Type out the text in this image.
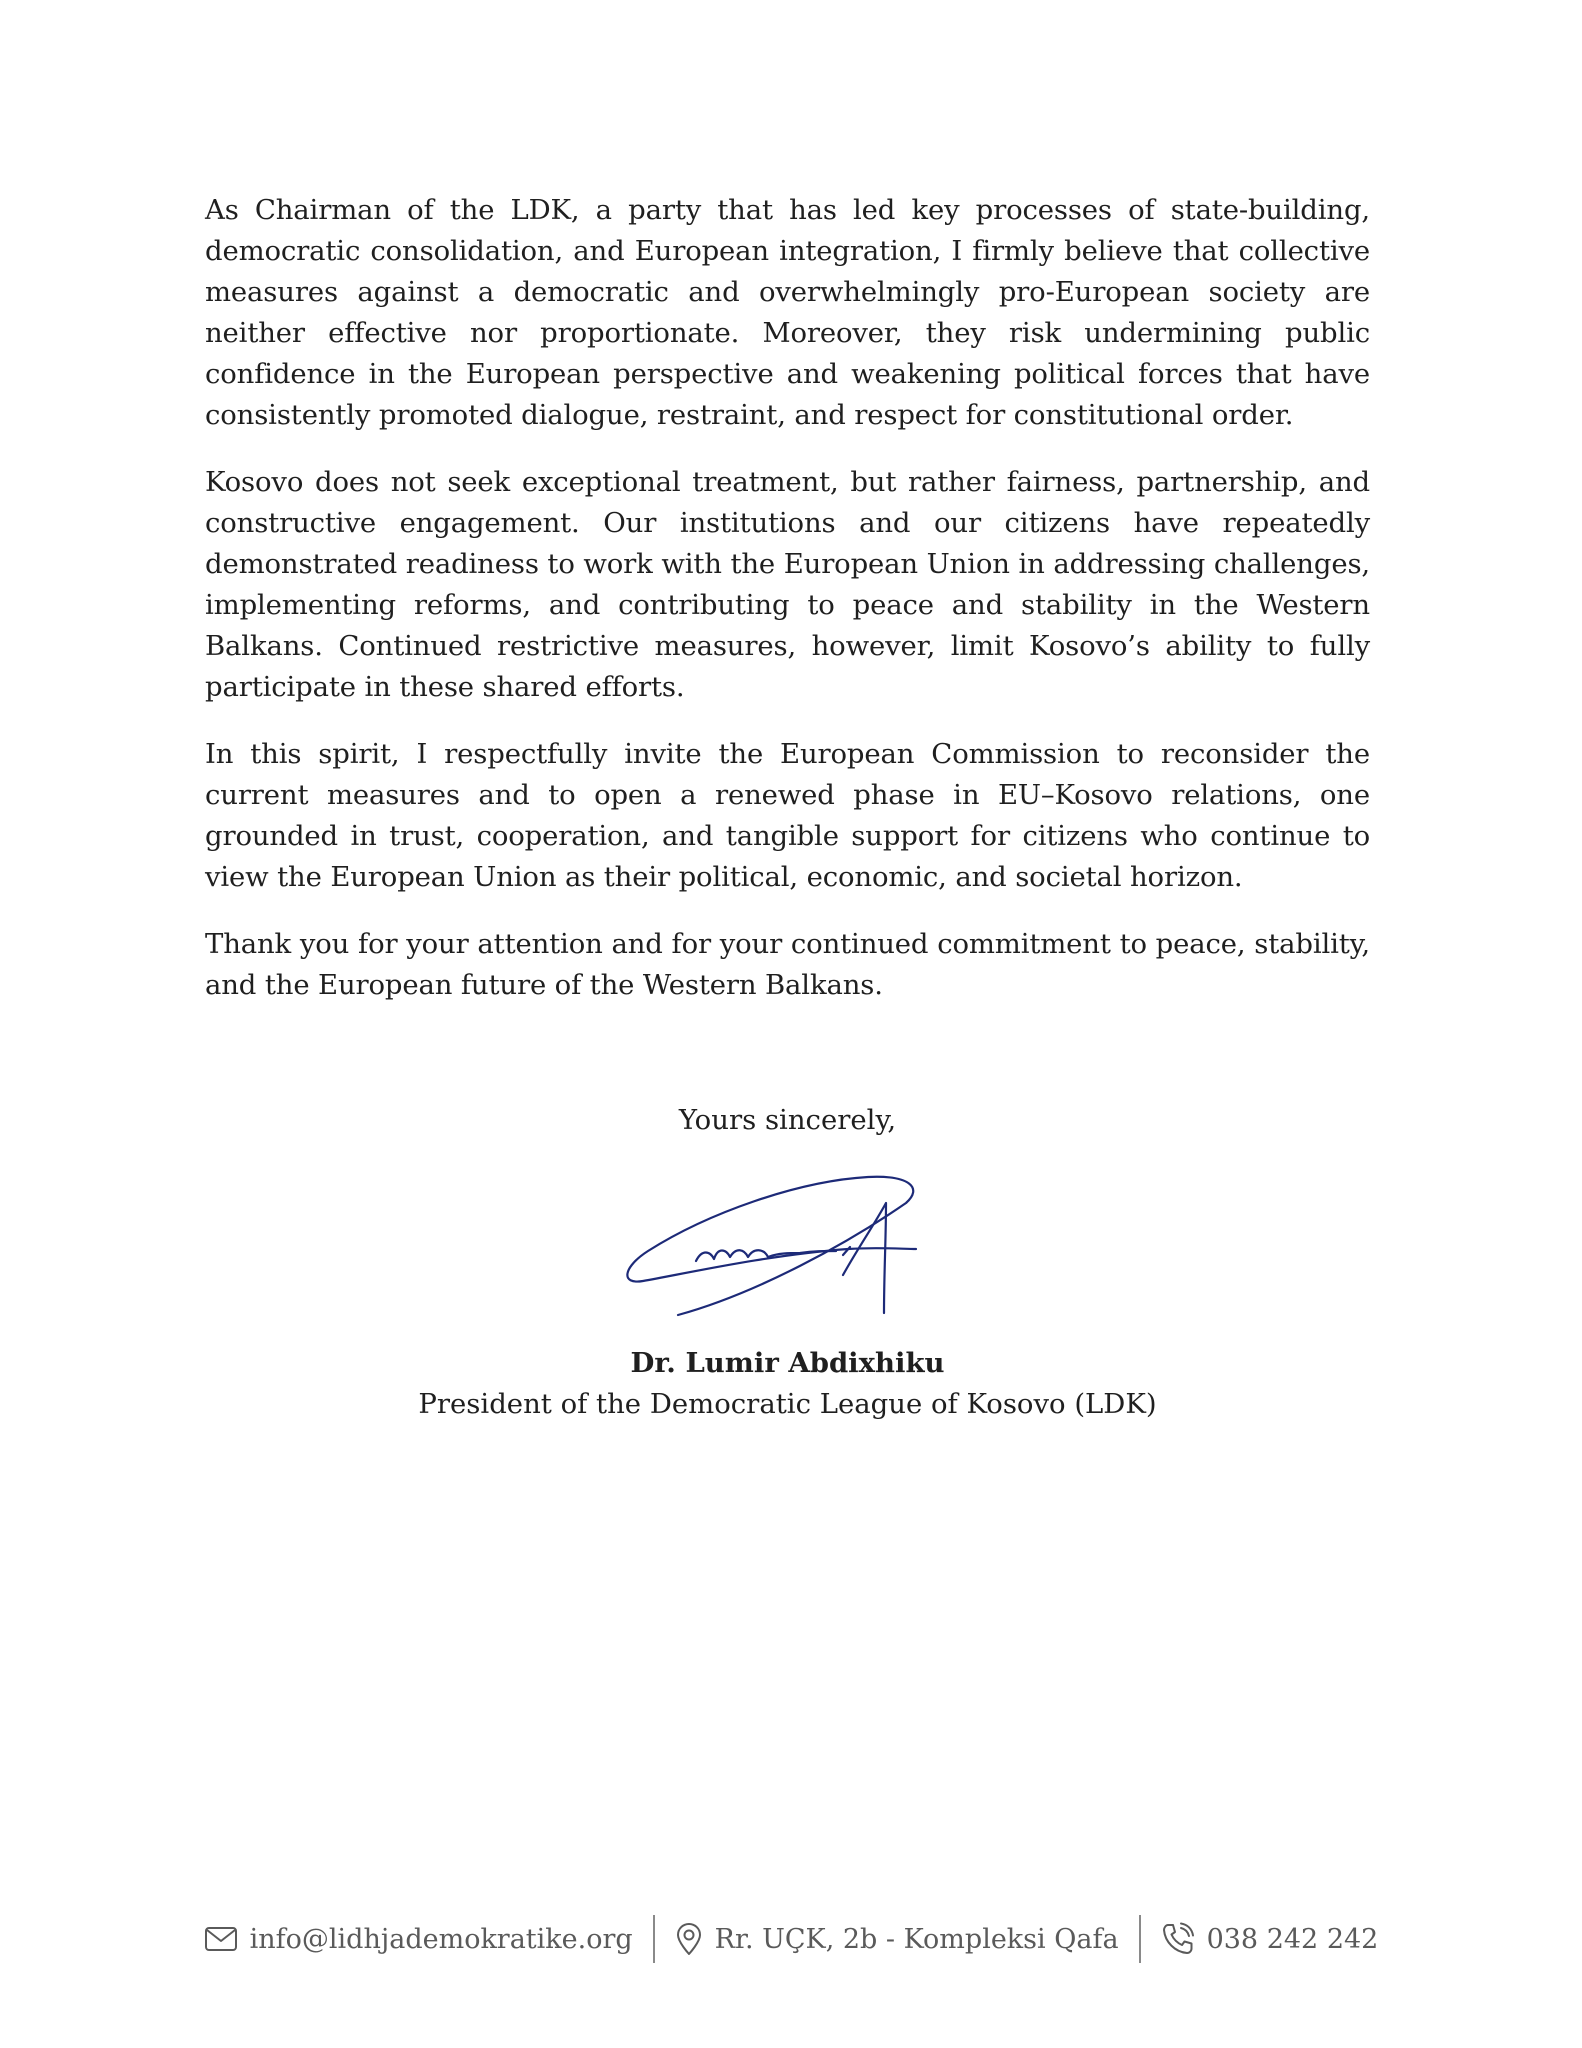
As Chairman of the LDK, a party that has led key processes of state-building, democratic consolidation, and European integration, I firmly believe that collective measures against a democratic and overwhelmingly pro-European society are neither effective nor proportionate. Moreover, they risk undermining public confidence in the European perspective and weakening political forces that have consistently promoted dialogue, restraint, and respect for constitutional order.

Kosovo does not seek exceptional treatment, but rather fairness, partnership, and constructive engagement. Our institutions and our citizens have repeatedly demonstrated readiness to work with the European Union in addressing challenges, implementing reforms, and contributing to peace and stability in the Western Balkans. Continued restrictive measures, however, limit Kosovo’s ability to fully participate in these shared efforts.

In this spirit, I respectfully invite the European Commission to reconsider the current measures and to open a renewed phase in EU–Kosovo relations, one grounded in trust, cooperation, and tangible support for citizens who continue to view the European Union as their political, economic, and societal horizon.

Thank you for your attention and for your continued commitment to peace, stability, and the European future of the Western Balkans.

Yours sincerely,

Dr. Lumir Abdixhiku

President of the Democratic League of Kosovo (LDK)

info@lidhjademokratike.org	Rr. UÇK, 2b - Kompleksi Qafa	038 242 242
